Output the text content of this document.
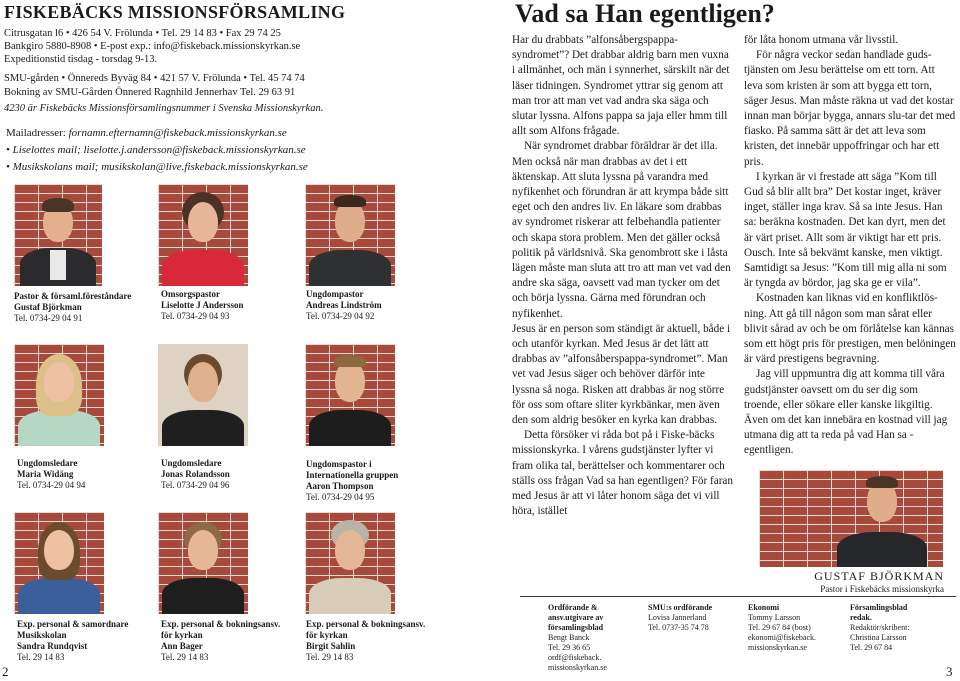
FISKEBÄCKS MISSIONSFÖRSAMLING
Citrusgatan l6 • 426 54 V. Frölunda • Tel. 29 14 83 • Fax 29 74 25
Bankgiro 5880-8908 • E-post exp.: info@fiskeback.missionskyrkan.se
Expeditionstid tisdag - torsdag 9-13.
SMU-gården • Önnereds Byväg 84 • 421 57 V. Frölunda • Tel. 45 74 74
Bokning av SMU-Gården Önnered Ragnhild Jennerhav Tel. 29 63 91
4230 är Fiskebäcks Missionsförsamlingsnummer i Svenska Missionskyrkan.
Mailadresser: fornamn.efternamn@fiskeback.missionskyrkan.se
• Liselottes mail; liselotte.j.andersson@fiskeback.missionskyrkan.se
• Musikskolans mail; musikskolan@live.fiskeback.missionskyrkan.se
Pastor & församl.föreståndare
Gustaf Björkman
Tel. 0734-29 04 91
Omsorgspastor
Liselotte J Andersson
Tel. 0734-29 04 93
Ungdompastor
Andreas Lindström
Tel. 0734-29 04 92
Ungdomsledare
Maria Widäng
Tel. 0734-29 04 94
Ungdomsledare
Jonas Rolandsson
Tel. 0734-29 04 96
Ungdomspastor i Internationella gruppen
Aaron Thompson
Tel. 0734-29 04 95
Exp. personal & samordnare Musikskolan
Sandra Rundqvist
Tel. 29 14 83
Exp. personal & bokningsansv. för kyrkan
Ann Bager
Tel. 29 14 83
Exp. personal & bokningsansv. för kyrkan
Birgit Sahlin
Tel. 29 14 83
2
Vad sa Han egentligen?

Har du drabbats ”alfonsåbergspappa-syndromet”? Det drabbar aldrig barn men vuxna i allmänhet, och män i synnerhet, särskilt när det läser tidningen. Syndromet yttrar sig genom att man tror att man vet vad andra ska säga och slutar lyssna. Alfons pappa sa jaja eller hmm till allt som Alfons frågade.

När syndromet drabbar föräldrar är det illa. Men också när man drabbas av det i ett äktenskap. Att sluta lyssna på varandra med nyfikenhet och förundran är att krympa både sitt eget och den andres liv. En läkare som drabbas av syndromet riskerar att felbehandla patienter och skapa stora problem. Men det gäller också politik på världsnivå. Ska genombrott ske i låsta lägen måste man sluta att tro att man vet vad den andre ska säga, oavsett vad man tycker om det och börja lyssna. Gärna med förundran och nyfikenhet.

Jesus är en person som ständigt är aktuell, både i och utanför kyrkan. Med Jesus är det lätt att drabbas av ”alfonsåberspappa-syndromet”. Man vet vad Jesus säger och behöver därför inte lyssna så noga. Risken att drabbas är nog större för oss som oftare sliter kyrkbänkar, men även den som aldrig besöker en kyrka kan drabbas.

Detta försöker vi råda bot på i Fiske-bäcks missionskyrka. I vårens gudstjänster lyfter vi fram olika tal, berättelser och kommentarer och ställs oss frågan Vad sa han egentligen? För faran med Jesus är att vi låter honom säga det vi vill höra, istället

för låta honom utmana vår livsstil.

För några veckor sedan handlade guds-tjänsten om Jesu berättelse om ett torn. Att leva som kristen är som att bygga ett torn, säger Jesus. Man måste räkna ut vad det kostar innan man börjar bygga, annars slu-tar det med fiasko. På samma sätt är det att leva som kristen, det innebär uppoffringar och har ett pris.

I kyrkan är vi frestade att säga ”Kom till Gud så blir allt bra” Det kostar inget, kräver inget, ställer inga krav. Så sa inte Jesus. Han sa: beräkna kostnaden. Det kan dyrt, men det är värt priset. Allt som är viktigt har ett pris. Ousch. Inte så bekvämt kanske, men viktigt. Samtidigt sa Jesus: ”Kom till mig alla ni som är tyngda av bördor, jag ska ge er vila”.

Kostnaden kan liknas vid en konfliktlös-ning. Att gå till någon som man sårat eller blivit sårad av och be om förlåtelse kan kännas som ett högt pris för prestigen, men belöningen är värd prestigens begravning.

Jag vill uppmuntra dig att komma till våra gudstjänster oavsett om du ser dig som troende, eller sökare eller kanske likgiltig. Även om det kan innebära en kostnad vill jag utmana dig att ta reda på vad Han sa - egentligen.

GUSTAF BJÖRKMAN
Pastor i Fiskebäcks missionskyrka
Ordförande & ansv.utgivare av församlingsblad
Bengt Banck
Tel. 29 36 65
ordf@fiskeback.
missionskyrkan.se
SMU:s ordförande
Lovisa Jannerland
Tel. 0737-35 74 78
Ekonomi
Tommy Larsson
Tel. 29 67 84 (bost)
ekonomi@fiskeback.
missionskyrkan.se
Församlingsblad redak.
Redaktör/skribent:
Christina Larsson
Tel. 29 67 84
3
